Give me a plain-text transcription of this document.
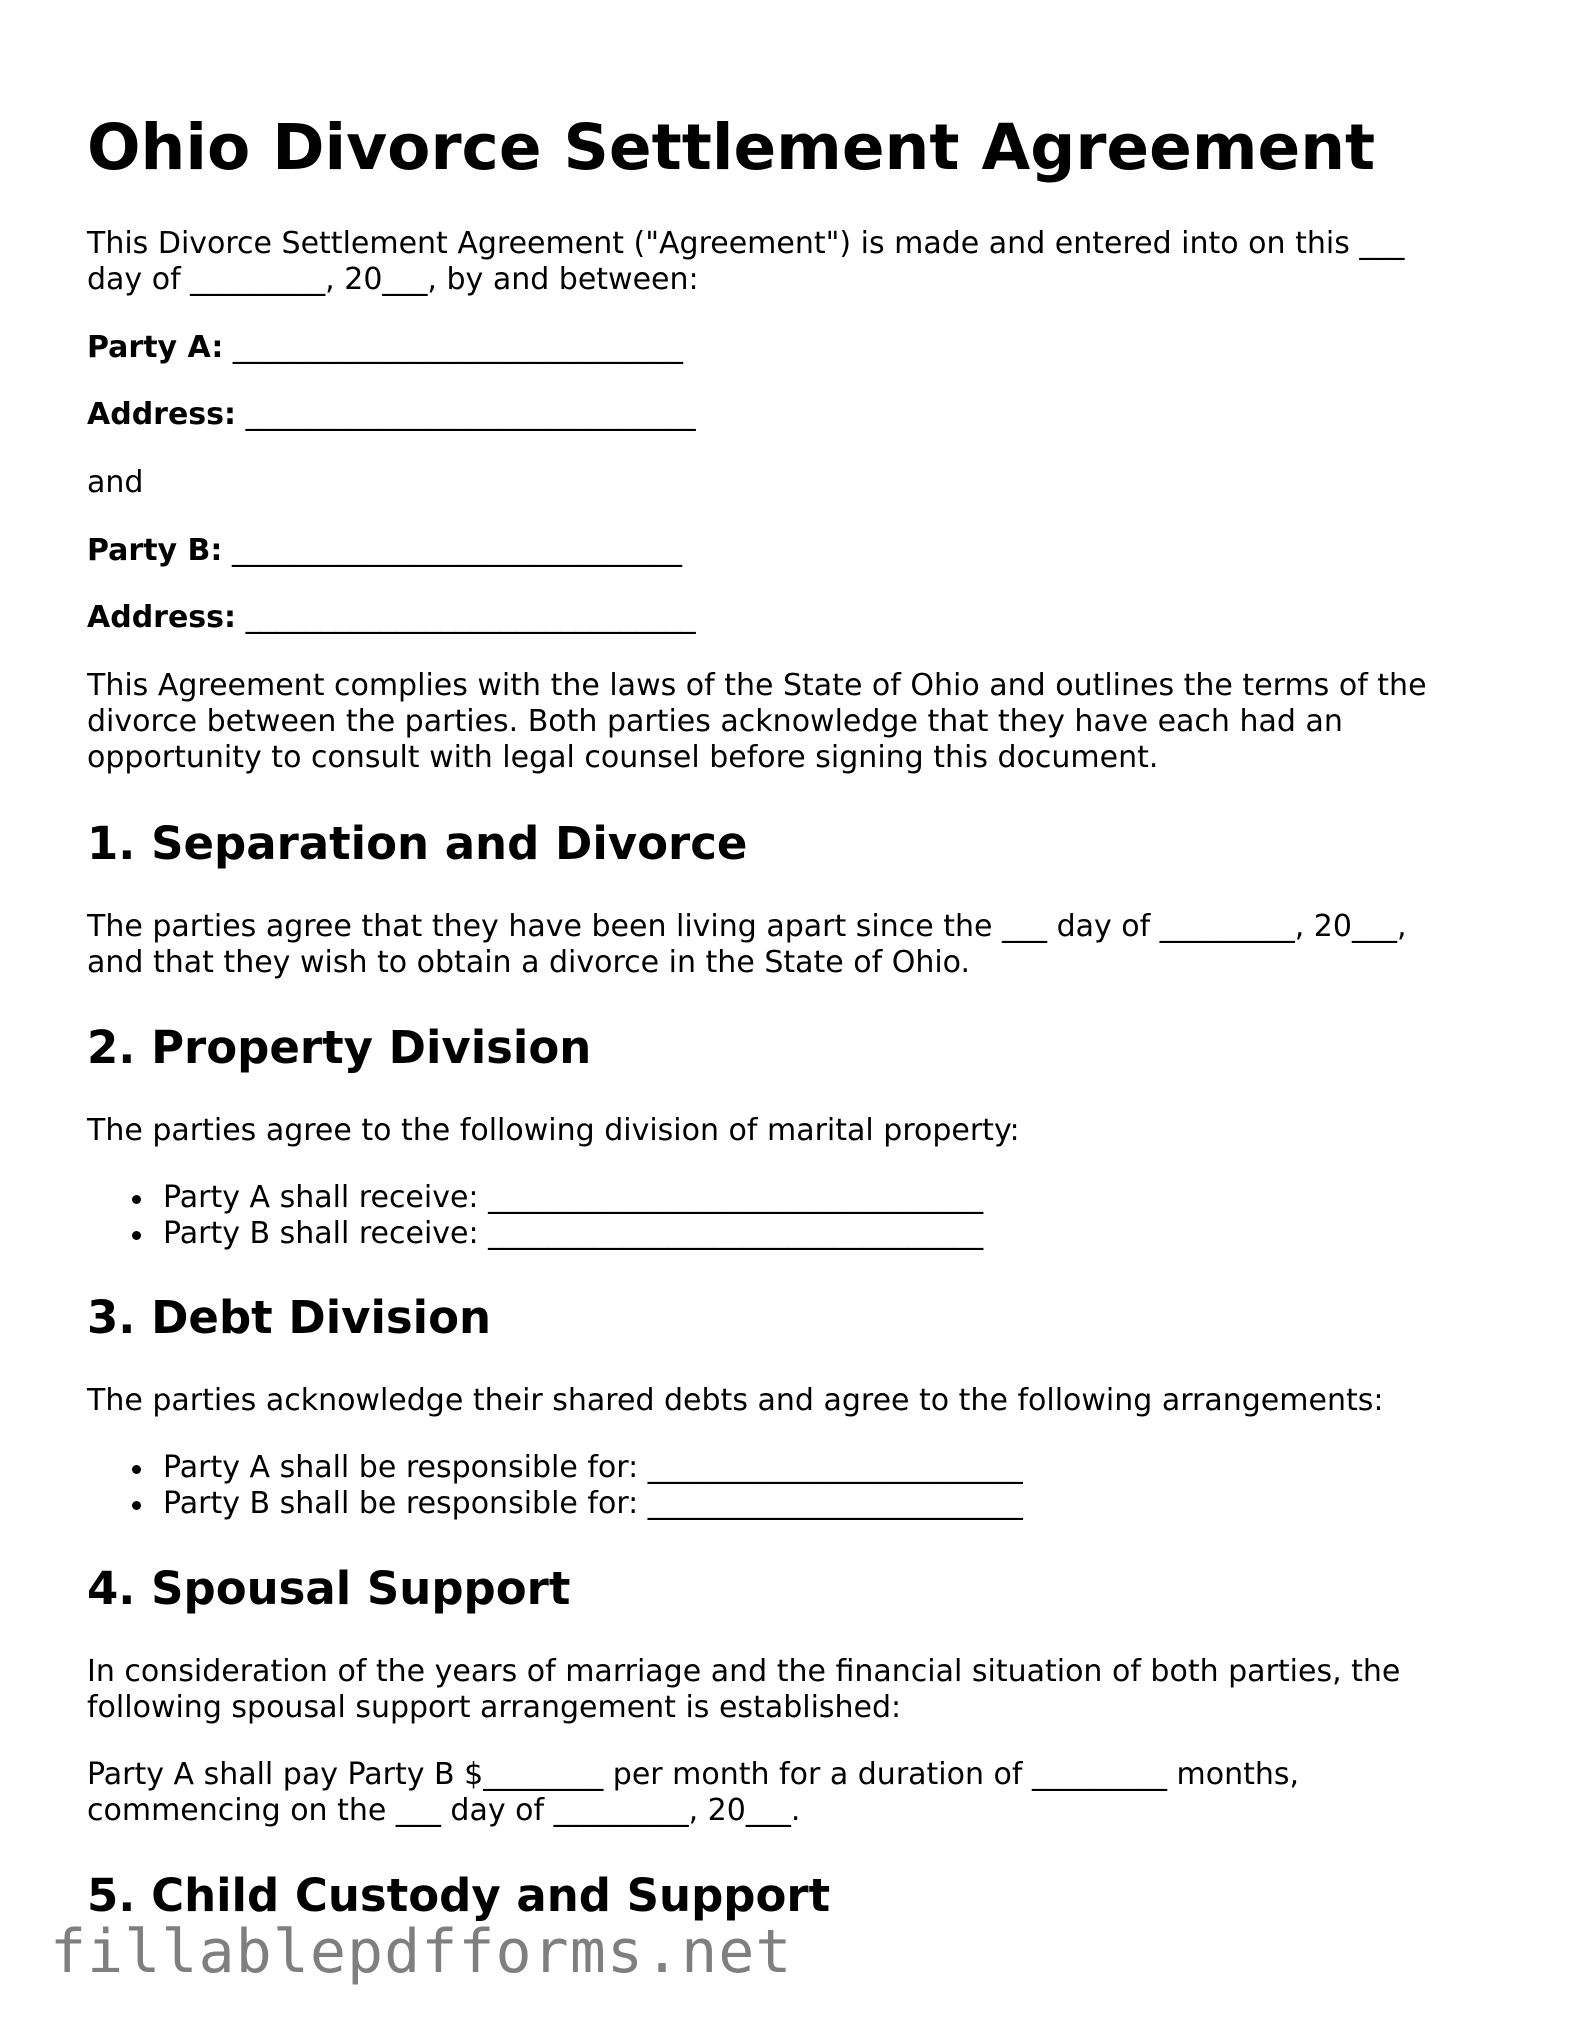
Ohio Divorce Settlement Agreement

This Divorce Settlement Agreement ("Agreement") is made and entered into on this ___

day of _________, 20___, by and between:

Party A: ______________________________

Address: ______________________________

and

Party B: ______________________________

Address: ______________________________

This Agreement complies with the laws of the State of Ohio and outlines the terms of the

divorce between the parties. Both parties acknowledge that they have each had an

opportunity to consult with legal counsel before signing this document.

1. Separation and Divorce

The parties agree that they have been living apart since the ___ day of _________, 20___,

and that they wish to obtain a divorce in the State of Ohio.

2. Property Division

The parties agree to the following division of marital property:

Party A shall receive: _________________________________
Party B shall receive: _________________________________
3. Debt Division

The parties acknowledge their shared debts and agree to the following arrangements:

Party A shall be responsible for: _________________________
Party B shall be responsible for: _________________________
4. Spousal Support

In consideration of the years of marriage and the financial situation of both parties, the

following spousal support arrangement is established:

Party A shall pay Party B $________ per month for a duration of _________ months,

commencing on the ___ day of _________, 20___.

5. Child Custody and Support
fillablepdfforms.net
